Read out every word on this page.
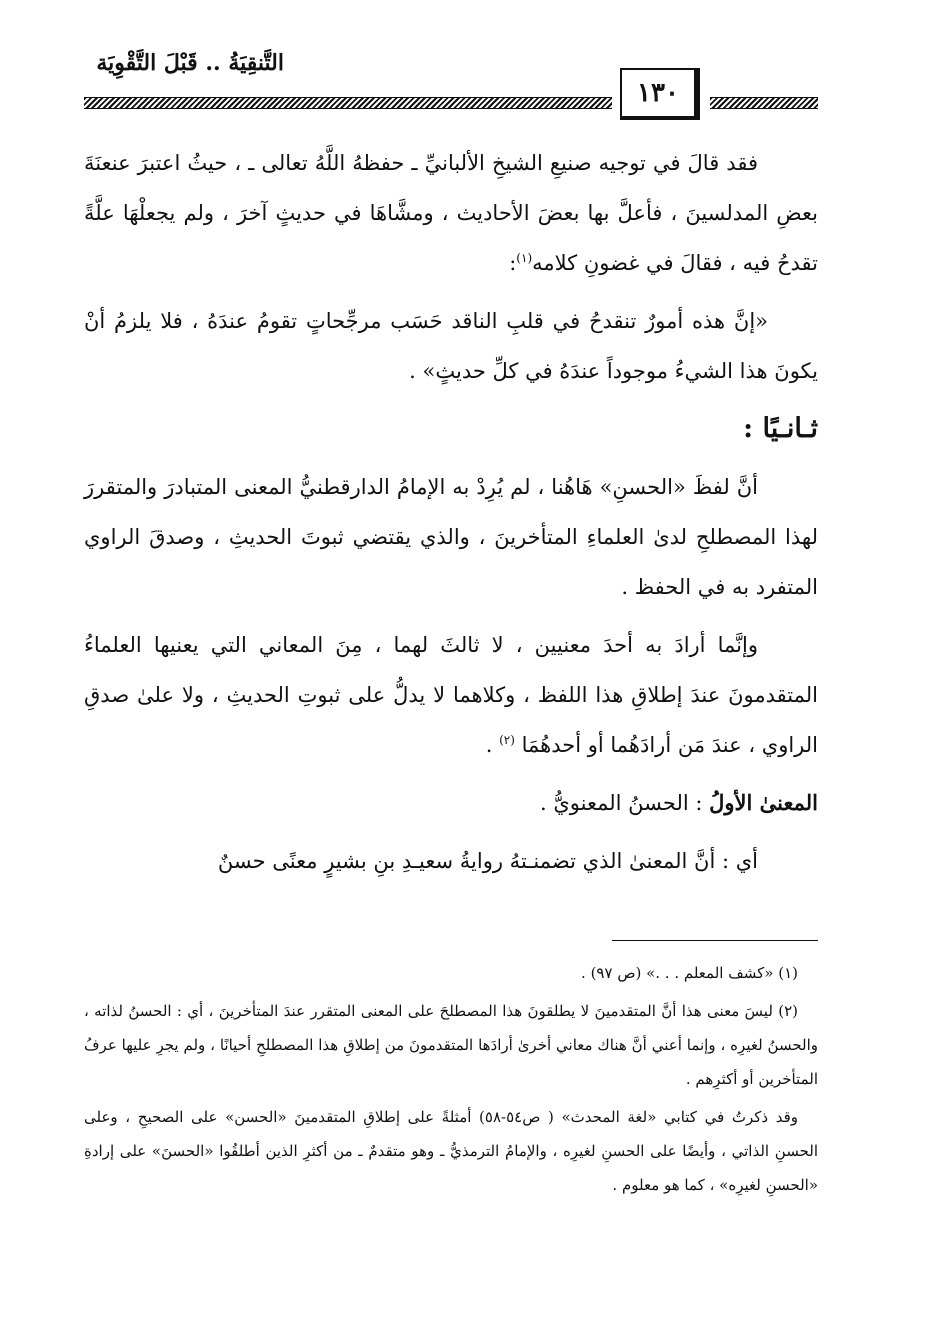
التَّنقِيَةُ .. قَبْلَ التَّقْوِيَة
١٣٠

فقد قالَ في توجيه صنيعِ الشيخِ الألبانيِّ ـ حفظهُ اللَّهُ تعالى ـ ، حيثُ اعتبرَ عنعنَةَ بعضِ المدلسينَ ، فأعلَّ بها بعضَ الأحاديث ، ومشَّاهَا في حديثٍ آخرَ ، ولم يجعلْهَا علَّةً تقدحُ فيه ، فقالَ في غضونِ كلامه$^{(١)}$:

«إنَّ هذه أمورٌ تنقدحُ في قلبِ الناقد حَسَب مرجِّحاتٍ تقومُ عندَهُ ، فلا يلزمُ أنْ يكونَ هذا الشيءُ موجوداً عندَهُ في كلِّ حديثٍ» .

ثـانـيًا :

أنَّ لفظَ «الحسنِ» هَاهُنا ، لم يُرِدْ به الإمامُ الدارقطنيُّ المعنى المتبادرَ والمتقررَ لهذا المصطلحِ لدىٰ العلماءِ المتأخرينَ ، والذي يقتضي ثبوتَ الحديثِ ، وصدقَ الراوي المتفرد به في الحفظ .

وإنَّما أرادَ به أحدَ معنيين ، لا ثالثَ لهما ، مِنَ المعاني التي يعنيها العلماءُ المتقدمونَ عندَ إطلاقِ هذا اللفظ ، وكلاهما لا يدلُّ على ثبوتِ الحديثِ ، ولا علىٰ صدقِ الراوي ، عندَ مَن أرادَهُما أو أحدهُمَا $^{(٢)}$ .

المعنىٰ الأولُ : الحسنُ المعنويُّ .

أي : أنَّ المعنىٰ الذي تضمنـتهُ روايةُ سعيـدِ بنِ بشيرٍ معنًى حسنٌ

(١) «كشف المعلم . . .» (ص ٩٧) .

(٢) ليسَ معنى هذا أنَّ المتقدمينَ لا يطلقونَ هذا المصطلحَ على المعنى المتقرر عندَ المتأخرينَ ، أي : الحسنُ لذاته ، والحسنُ لغيرِه ، وإنما أعني أنَّ هناك معاني أخرىٰ أرادَها المتقدمونَ من إطلاقِ هذا المصطلحِ أحيانًا ، ولم يجرِ عليها عرفُ المتأخرين أو أكثرِهم .

وقد ذكرتُ في كتابي «لغة المحدث» ( ص٥٤-٥٨) أمثلةً على إطلاقِ المتقدمينَ «الحسن» على الصحيحِ ، وعلى الحسنِ الذاتي ، وأيضًا على الحسنِ لغيرِه ، والإمامُ الترمذيُّ ـ وهو متقدمٌ ـ من أكثرِ الذين أطلقُوا «الحسنَ» على إرادةِ «الحسنِ لغيرِه» ، كما هو معلوم .
